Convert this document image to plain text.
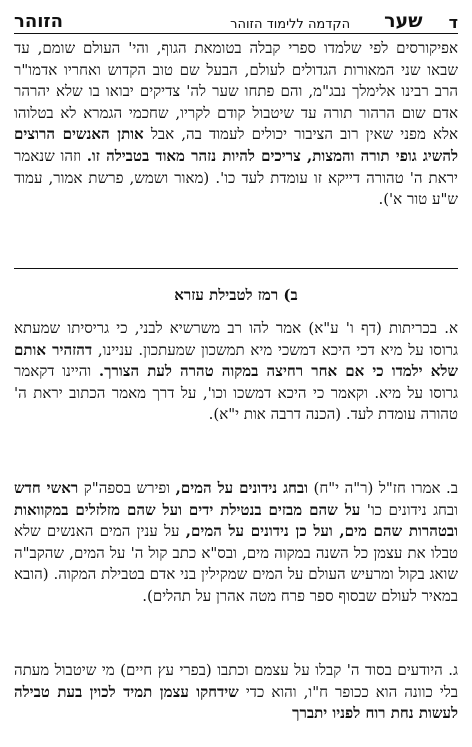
ד
שער
הקדמה ללימוד הזוהר
הזוהר
אפיקורסים לפי שלמדו ספרי קבלה בטומאת הגוף, והי' העולם שומם, עד שבאו שני המאורות הגדולים לעולם, הבעל שם טוב הקדוש ואחריו אדמו"ר הרב רבינו אלימלך נבג"מ, והם פתחו שער לה' צדיקים יבואו בו שלא יהרהר אדם שום הרהור תורה עד שיטבול קודם לקריו, שחכמי הגמרא לא בטלוהו אלא מפני שאין רוב הציבור יכולים לעמוד בה, אבל אותן האנשים הרוצים להשיג גופי תורה והמצות, צריכים להיות נזהר מאוד בטבילה זו. וזהו שנאמר יראת ה' טהורה דייקא זו עומדת לעד כו'. (מאור ושמש, פרשת אמור, עמוד ש"ע טור א').
ב) רמז לטבילת עזרא
א. בכריתות (דף ו' ע"א) אמר להו רב משרשיא לבני, כי גריסיתו שמעתא גרוסו על מיא דכי היכא דמשכי מיא תמשכון שמעתכון. עניינו, דהזהיר אותם שלא ילמדו כי אם אחר רחיצה במקוה טהרה לעת הצורך. והיינו דקאמר גרוסו על מיא. וקאמר כי היכא דמשכו וכו', על דרך מאמר הכתוב יראת ה' טהורה עומדת לעד. (הכנה דרבה אות י"א).
ב. אמרו חז"ל (ר"ה י"ח) ובחג נידונים על המים, ופירש בספה"ק ראשי חדש ובחג נידונים כו' על שהם מבזים בנטילת ידים ועל שהם מזלזלים במקוואות ובטהרות שהם מים, ועל כן נידונים על המים, על ענין המים האנשים שלא טבלו את עצמן כל השנה במקוה מים, ובס"א כתב קול ה' על המים, שהקב"ה שואג בקול ומרעיש העולם על המים שמקילין בני אדם בטבילת המקוה. (הובא במאיר לעולם שבסוף ספר פרח מטה אהרן על תהלים).
ג. היודעים בסוד ה' קבלו על עצמם וכתבו (בפרי עץ חיים) מי שיטבול מעתה בלי כוונה הוא ככופר ח"ו, והוא כדי שידחקו עצמן תמיד לכוין בעת טבילה לעשות נחת רוח לפניו יתברך
